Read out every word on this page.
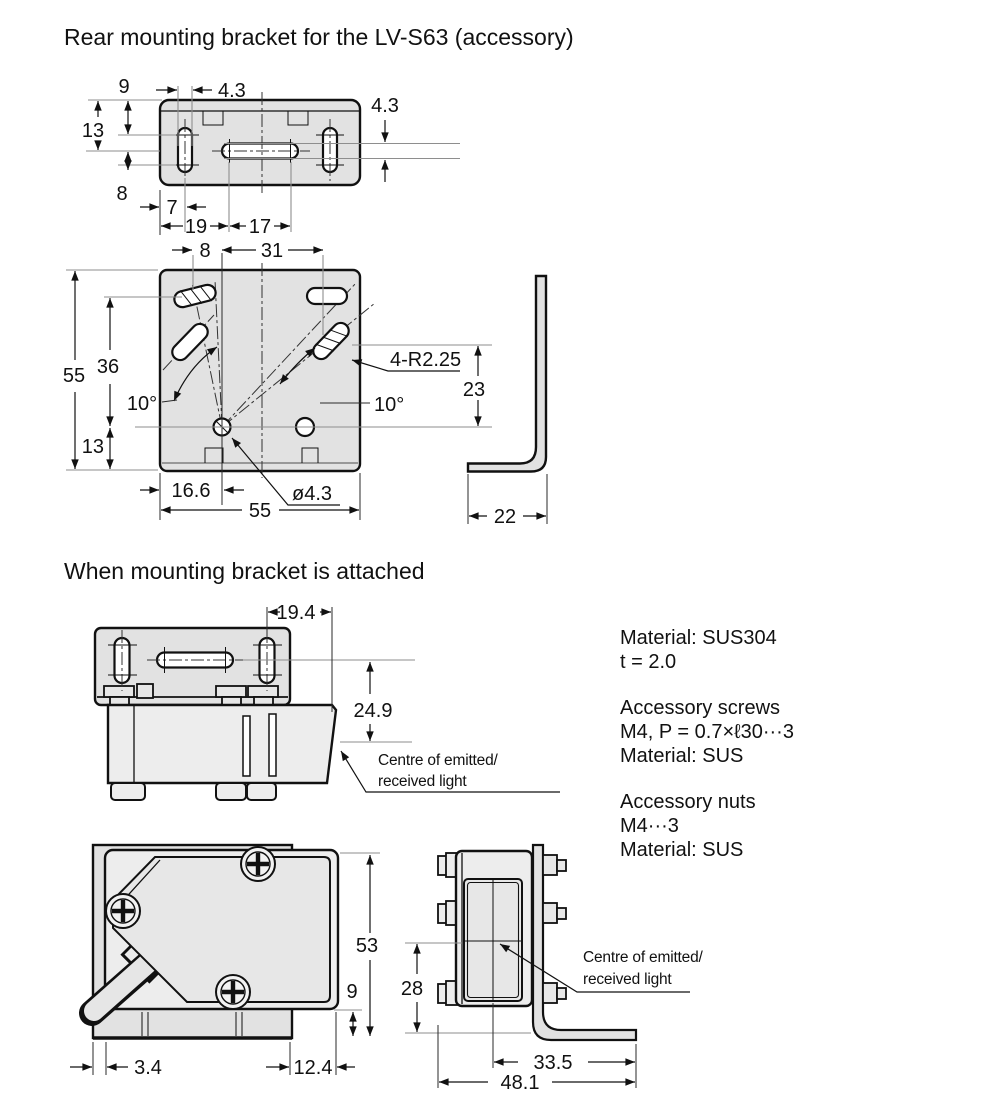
Rear mounting bracket for the LV-S63 (accessory)
When mounting bracket is attached
Material: SUS304
t = 2.0
Accessory screws
M4, P = 0.7×ℓ30···3
Material: SUS
Accessory nuts
M4···3
Material: SUS
9
13
8
4.3
4.3
7
19 17
8	31
55 36
13
10°	10°
16.6	ø4.3
55
23
4-R2.25
22
19.4
24.9
Centre of emitted/
received light
3.4	12.4
53
9 28
Centre of emitted/
received light
33.5
48.1
